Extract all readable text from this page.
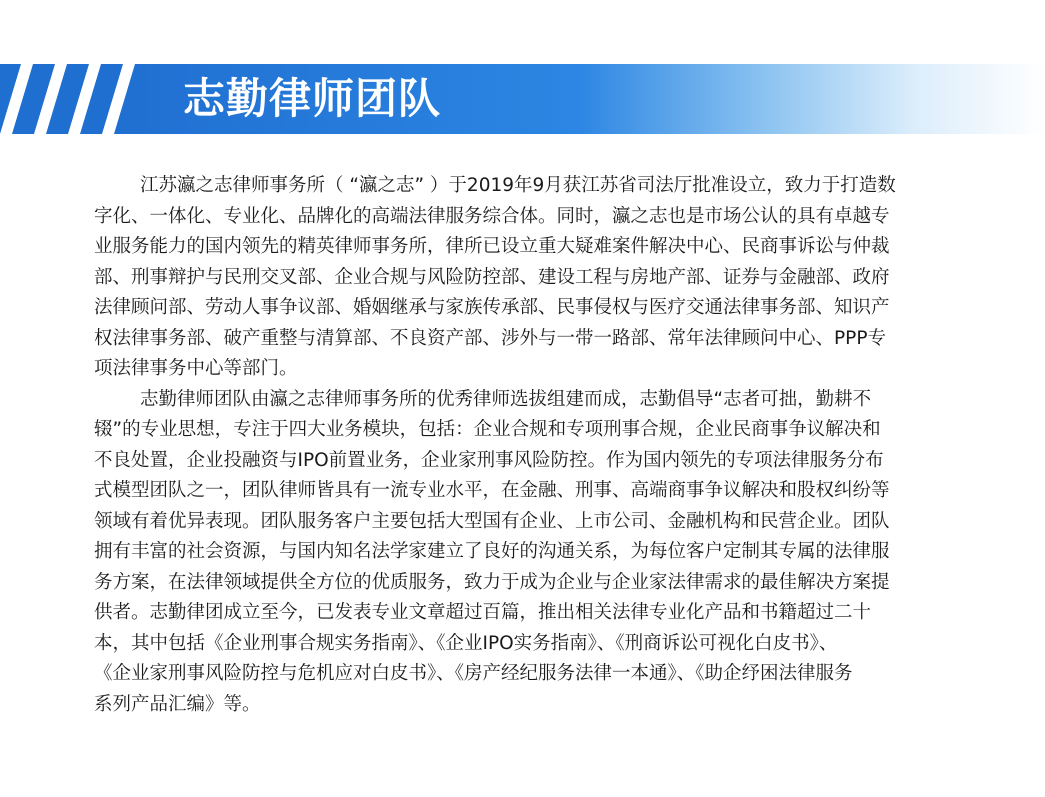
志勤律师团队

江苏瀛之志律师事务所（ “瀛之志” ）于2019年9月获江苏省司法厅批准设立，致力于打造数
字化、一体化、专业化、品牌化的高端法律服务综合体。同时，瀛之志也是市场公认的具有卓越专
业服务能力的国内领先的精英律师事务所，律所已设立重大疑难案件解决中心、民商事诉讼与仲裁
部、刑事辩护与民刑交叉部、企业合规与风险防控部、建设工程与房地产部、证券与金融部、政府
法律顾问部、劳动人事争议部、婚姻继承与家族传承部、民事侵权与医疗交通法律事务部、知识产
权法律事务部、破产重整与清算部、不良资产部、涉外与一带一路部、常年法律顾问中心、PPP专
项法律事务中心等部门。

志勤律师团队由瀛之志律师事务所的优秀律师选拔组建而成，志勤倡导“志者可拙，勤耕不
辍”的专业思想，专注于四大业务模块，包括：企业合规和专项刑事合规，企业民商事争议解决和
不良处置，企业投融资与IPO前置业务，企业家刑事风险防控。作为国内领先的专项法律服务分布
式模型团队之一，团队律师皆具有一流专业水平，在金融、刑事、高端商事争议解决和股权纠纷等
领域有着优异表现。团队服务客户主要包括大型国有企业、上市公司、金融机构和民营企业。团队
拥有丰富的社会资源，与国内知名法学家建立了良好的沟通关系，为每位客户定制其专属的法律服
务方案，在法律领域提供全方位的优质服务，致力于成为企业与企业家法律需求的最佳解决方案提
供者。志勤律团成立至今，已发表专业文章超过百篇，推出相关法律专业化产品和书籍超过二十
本，其中包括《企业刑事合规实务指南》、《企业IPO实务指南》、《刑商诉讼可视化白皮书》、
《企业家刑事风险防控与危机应对白皮书》、《房产经纪服务法律一本通》、《助企纾困法律服务
系列产品汇编》等。
